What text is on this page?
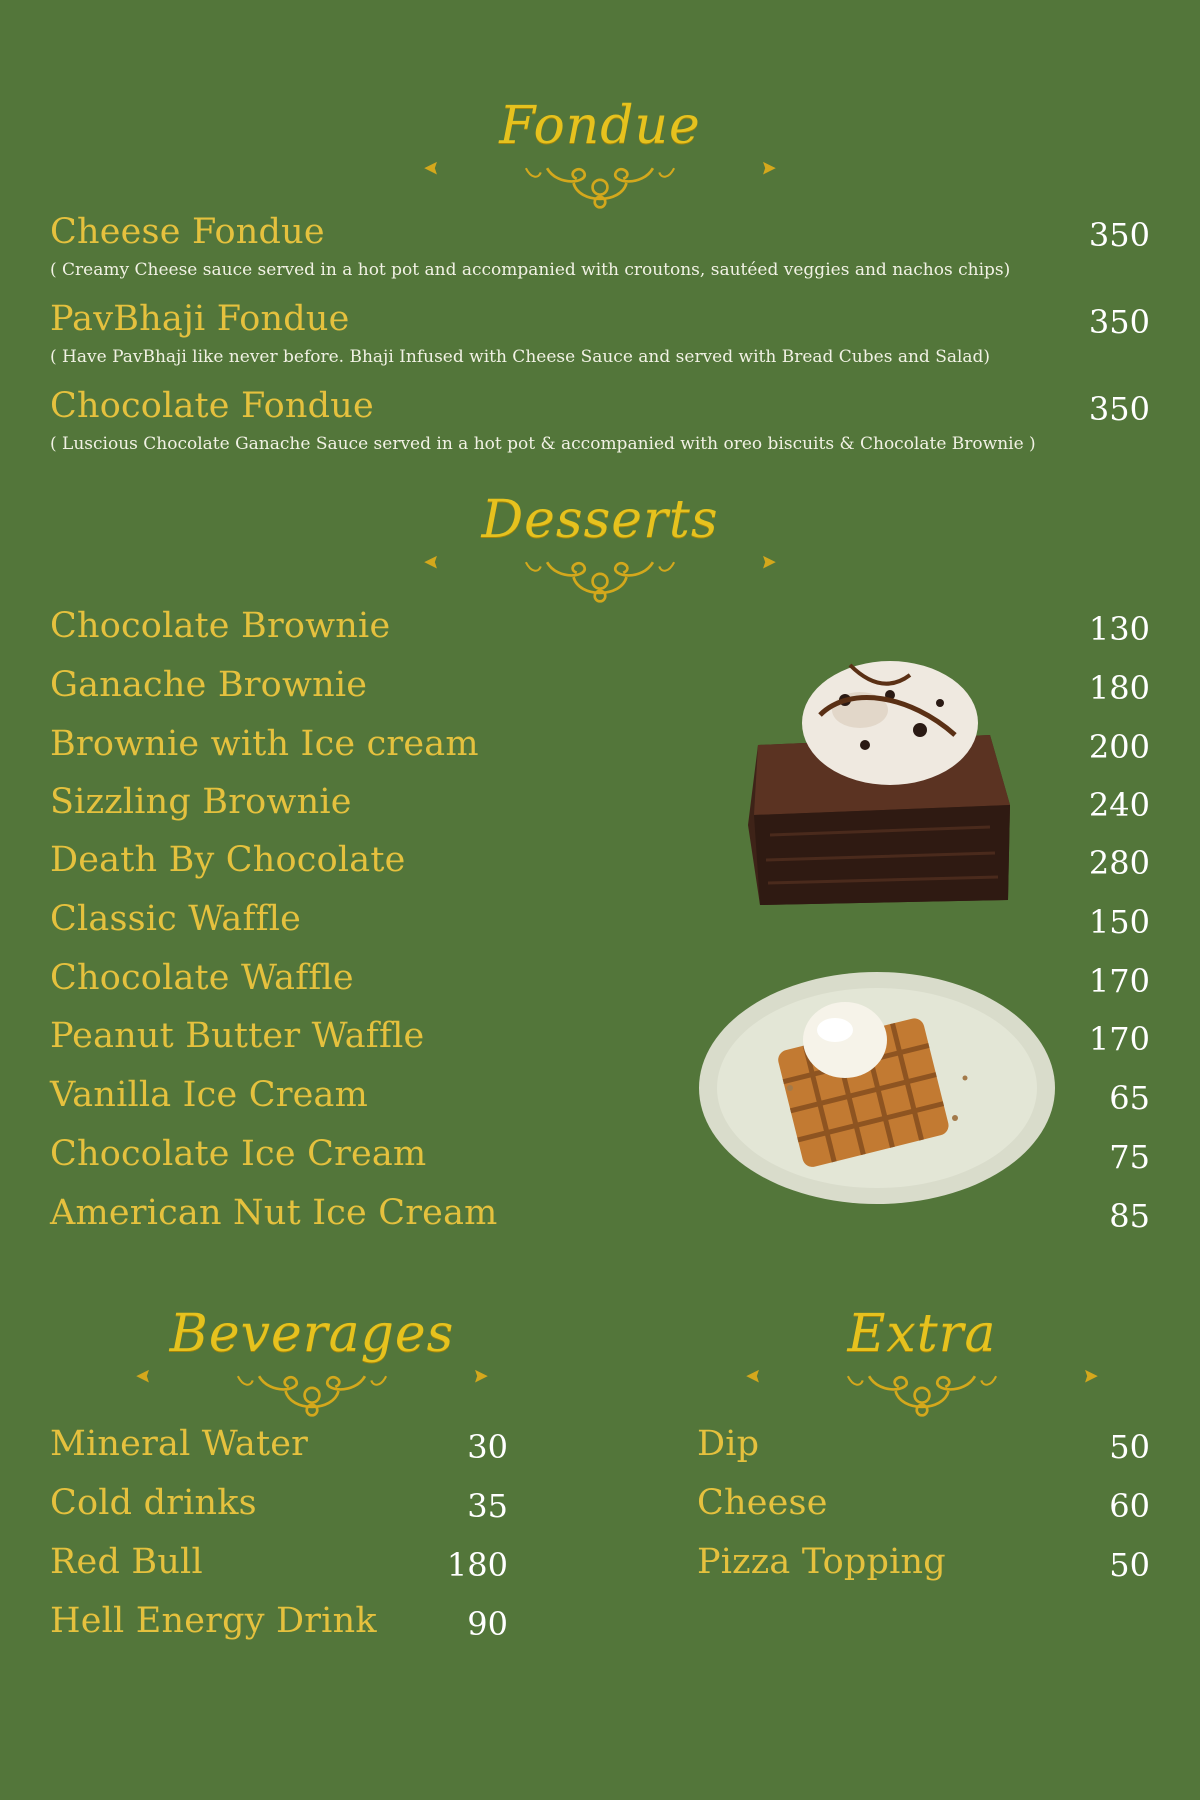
Fondue
Cheese Fondue
( Creamy Cheese sauce served in a hot pot and accompanied with croutons, sautéed veggies and nachos chips)
350
PavBhaji Fondue
( Have PavBhaji like never before. Bhaji Infused with Cheese Sauce and served with Bread Cubes and Salad)
350
Chocolate Fondue
( Luscious Chocolate Ganache Sauce served in a hot pot & accompanied with oreo biscuits & Chocolate Brownie )
350
Desserts
Chocolate Brownie	130
Ganache Brownie	180
Brownie with Ice cream	200
Sizzling Brownie	240
Death By Chocolate	280
Classic Waffle	150
Chocolate Waffle	170
Peanut Butter Waffle	170
Vanilla Ice Cream	65
Chocolate Ice Cream	75
American Nut Ice Cream	85
Beverages
Mineral Water	30
Cold drinks	35
Red Bull	180
Hell Energy Drink	90
Extra
Dip	50
Cheese	60
Pizza Topping	50
